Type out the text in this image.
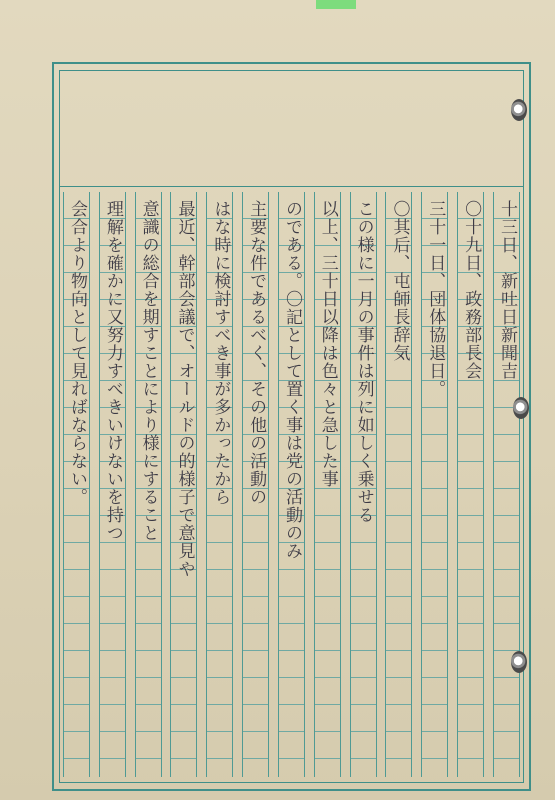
十三日、新吐日新聞吉
〇十九日、政務部長会
三十一日、団体協退日。
〇其后、屯師長辞気
この様に一月の事件は列に如しく乗せる
以上、三十日以降は色々と急した事
のである。〇記として置く事は党の活動のみ
主要な件であるべく、その他の活動の
はな時に検討すべき事が多かったから
最近、幹部会議で、オールドの的様子で意見や
意識の総合を期すことにより様にすること
理解を確かに又努力すべきいけないを持つ
会合より物向として見ればならない。
